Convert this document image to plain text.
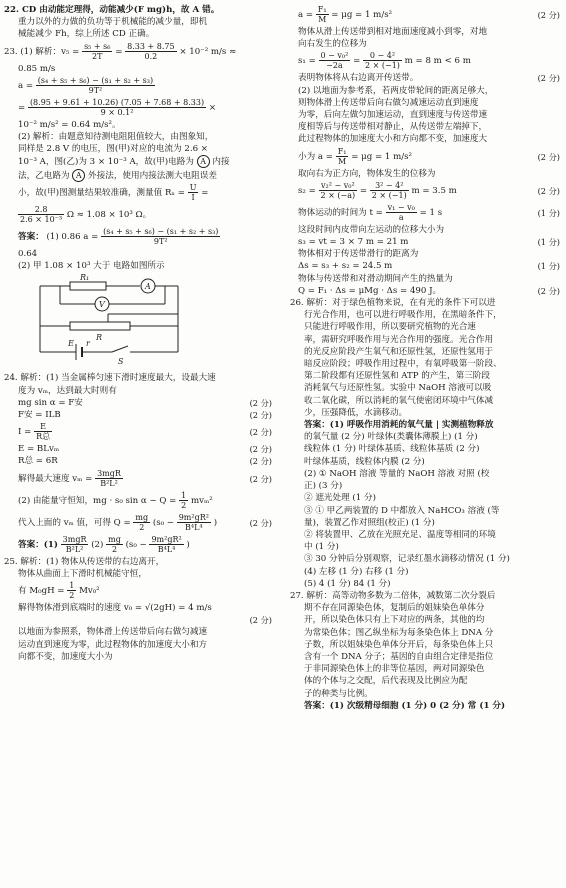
22. CD 由动能定理得，动能减少(F mg)h，故 A 错。
重力以外的力做的负功等于机械能的减少量，即机
械能减少 Fh，综上所述 CD 正确。
23. (1) 解析：$v_5 = \frac{\text{s₅ + s₆}}{2T} = \frac{8.33 + 8.75}{0.2} \times 10^{-2}$ m/s ≈
0.85 m/s
$a = \frac{\text{(s₄ + s₅ + s₆) − (s₁ + s₂ + s₃)}}{\text{9T²}}$
= $\frac{(8.95 + 9.61 + 10.26) (7.05 + 7.68 + 8.33)}{\text{9 × 0.1²}}$ ×
10⁻² m/s² = 0.64 m/s²。
(2) 解析：由题意知待测电阻阻值较大，由图象知，
同样是 2.8 V 的电压，图(甲)对应的电流为 2.6 ×
10⁻³ A，图(乙)为 3 × 10⁻³ A，故(甲)电路为 A 内接
法，乙电路为 A 外接法，使用内接法测大电阻误差
小，故(甲)图测量结果较准确，测量值 $R_x = \frac{U}{I}$ =
$\frac{2.8}{\text{2.6 × 10⁻³}}$ Ω ≈ 1.08 × 10³ Ω。
答案： (1) 0.86 $a = \frac{\text{(s₄ + s₅ + s₆) − (s₁ + s₂ + s₃)}}{\text{9T²}}$
0.64
(2) 甲 1.08 × 10³ 大于 电路如图所示
R₁
A
V
R
E r
S
24. 解析：(1) 当金属棒匀速下滑时速度最大，设最大速
度为 vₘ，达到最大时则有
mg sin α = F安	(2 分)
F安 = ILB	(2 分)
$I = \frac{E}{\text{R总}}$	(2 分)
E = BLvₘ	(2 分)
R总 = 6R	(2 分)
解得最大速度 $v_m = \frac{\text{3mgR}}{\text{B²L²}}$	(2 分)
(2) 由能量守恒知，mg · s₀ $\sin \alpha - Q = \frac{1}{2} mv_m^2$
代入上面的 vₘ 值，可得 $Q = \frac{mg}{2} (s_0 - \frac{\text{9m²gR²}}{\text{B⁴L⁴}}$ )	(2 分)
答案：$(1) \frac{\text{3mgR}}{\text{B²L²}} (2) \frac{mg}{2} (s_0 - \frac{\text{9m²gR²}}{\text{B⁴L⁴}}$ )
25. 解析：(1) 物体从传送带的右边离开，
物体从曲面上下滑时机械能守恒，
有 $M_0gH = \frac{1}{2} Mv_0^2$
解得物体滑到底端时的速度 v₀ = √(2gH) = 4 m/s
(2 分)
以地面为参照系，物体滑上传送带后向右做匀减速
运动直到速度为零，此过程物体的加速度大小和方
向都不变，加速度大小为
$a = \frac{\text{F₁}}{M} = \mu g = 1$ m/s²	(2 分)
物体从滑上传送带到相对地面速度减小到零，对地
向右发生的位移为
$s_1 = \frac{\text{0 − v₀²}}{-2a} = \frac{\text{0 − 4²}}{2 \times (-1)}$ m = 8 m < 6 m
表明物体将从右边离开传送带。	(2 分)
(2) 以地面为参考系，若两皮带轮间的距离足够大，
则物体滑上传送带后向右做匀减速运动直到速度
为零，后向左做匀加速运动，直到速度与传送带速
度相等后与传送带相对静止，从传送带左端掉下，
此过程物体的加速度大小和方向都不变，加速度大
小为 $a = \frac{\text{F₁}}{M} = \mu g = 1$ m/s²	(2 分)
取向右为正方向，物体发生的位移为
$s_2 = \frac{\text{v₂² − v₀²}}{2 \times (-a)} = \frac{\text{3² − 4²}}{2 \times (-1)}$ m = 3.5 m	(2 分)
物体运动的时间为 $t = \frac{\text{v₁ − v₀}}{a} = 1$ s	(1 分)
这段时间内皮带向左运动的位移大小为
s₃ = vt = 3 × 7 m = 21 m	(1 分)
物体相对于传送带滑行的距离为
Δs = s₃ + s₂ = 24.5 m	(1 分)
物体与传送带和对滑动期间产生的热量为
Q = F₁ · Δs = μMg · Δs = 490 J。	(2 分)
26. 解析：对于绿色植物来说，在有光的条件下可以进
行光合作用，也可以进行呼吸作用，在黑暗条件下，
只能进行呼吸作用，所以要研究植物的光合速
率，需研究呼吸作用与光合作用的强度。光合作用
的光反应阶段产生氧气和还原性氢，还原性氢用于
暗反应阶段；呼吸作用过程中，有氧呼吸第一阶段、
第二阶段都有还原性氢和 ATP 的产生，第三阶段
消耗氧气与还原性氢。实验中 NaOH 溶液可以吸
收二氧化碳，所以消耗的氧气使密闭环境中气体减
少，压强降低，水滴移动。
答案：(1) 呼吸作用消耗的氧气量 | 实测植物释放
的氧气量 (2 分) 叶绿体(类囊体薄膜上) (1 分)
线粒体 (1 分) 叶绿体基质、线粒体基质 (2 分)
叶绿体基质，线粒体内膜 (2 分)
(2) ① NaOH 溶液 等量的 NaOH 溶液 对照 (校
正) (3 分)
② 遮光处理 (1 分)
③ ① 甲乙两装置的 D 中都放入 NaHCO₃ 溶液 (等
量)，装置乙作对照组(校正) (1 分)
② 将装置甲、乙放在光照充足、温度等相同的环境
中 (1 分)
③ 30 分钟后分别观察，记录红墨水滴移动情况 (1 分)
(4) 左移 (1 分) 右移 (1 分)
(5) 4 (1 分) 84 (1 分)
27. 解析：高等动物多数为二倍体，减数第二次分裂后
期不存在同源染色体，复制后的姐妹染色单体分
开，所以染色体只有上下对应的两条，其他的均
为常染色体；图乙纵坐标为每条染色体上 DNA 分
子数，所以姐妹染色单体分开后，每条染色体上只
含有一个 DNA 分子；基因的自由组合定律是指位
于非同源染色体上的非等位基因，两对同源染色
体的个体与之交配，后代表现及比例应为配
子的种类与比例。
答案：(1) 次级精母细胞 (1 分) 0 (2 分) 常 (1 分)
